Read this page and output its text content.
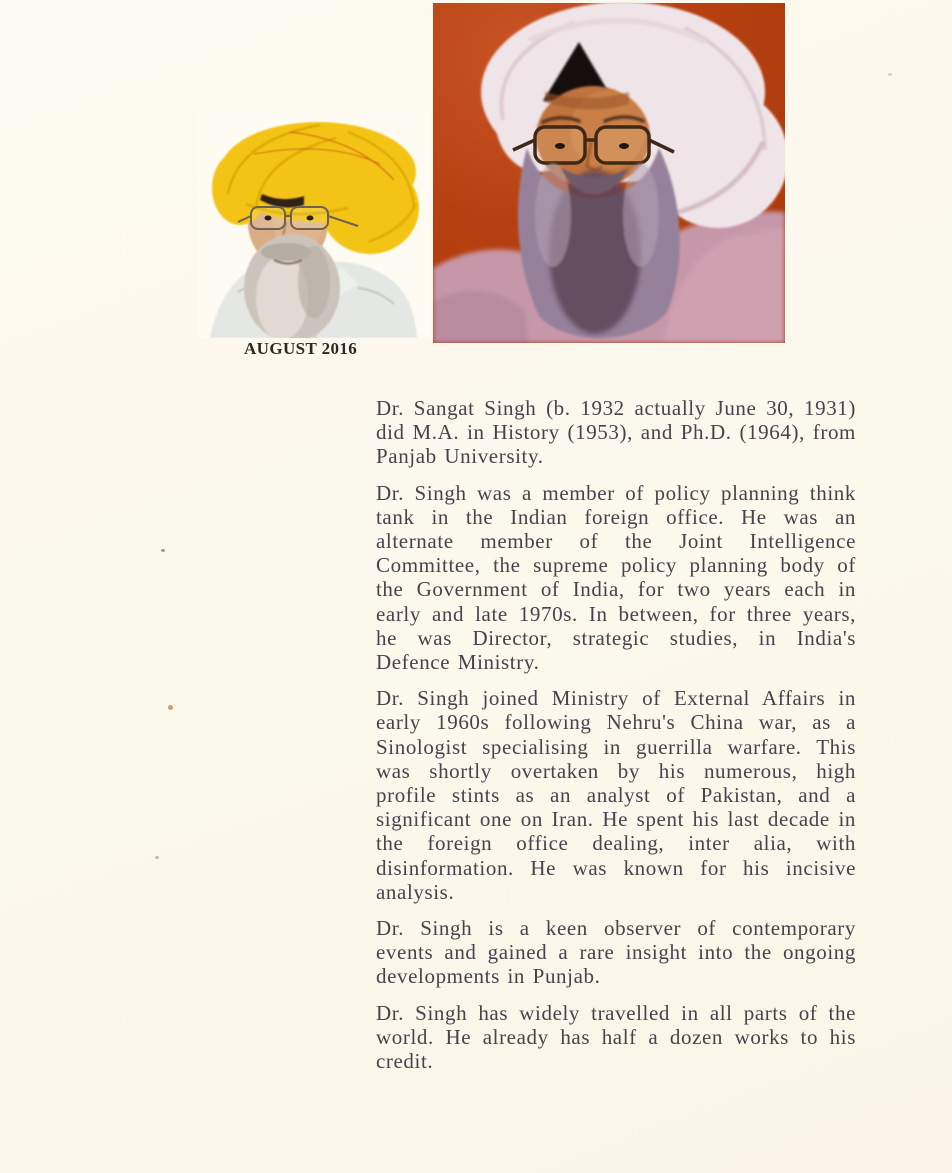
AUGUST 2016

Dr. Sangat Singh (b. 1932 actually June 30, 1931) did M.A. in History (1953), and Ph.D. (1964), from Panjab University.

Dr. Singh was a member of policy planning think tank in the Indian foreign office. He was an alternate member of the Joint Intelligence Committee, the supreme policy planning body of the Government of India, for two years each in early and late 1970s. In between, for three years, he was Director, strategic studies, in India's Defence Ministry.

Dr. Singh joined Ministry of External Affairs in early 1960s following Nehru's China war, as a Sinologist specialising in guerrilla warfare. This was shortly overtaken by his numerous, high profile stints as an analyst of Pakistan, and a significant one on Iran. He spent his last decade in the foreign office dealing, inter alia, with disinformation. He was known for his incisive analysis.

Dr. Singh is a keen observer of contemporary events and gained a rare insight into the ongoing developments in Punjab.

Dr. Singh has widely travelled in all parts of the world. He already has half a dozen works to his credit.
